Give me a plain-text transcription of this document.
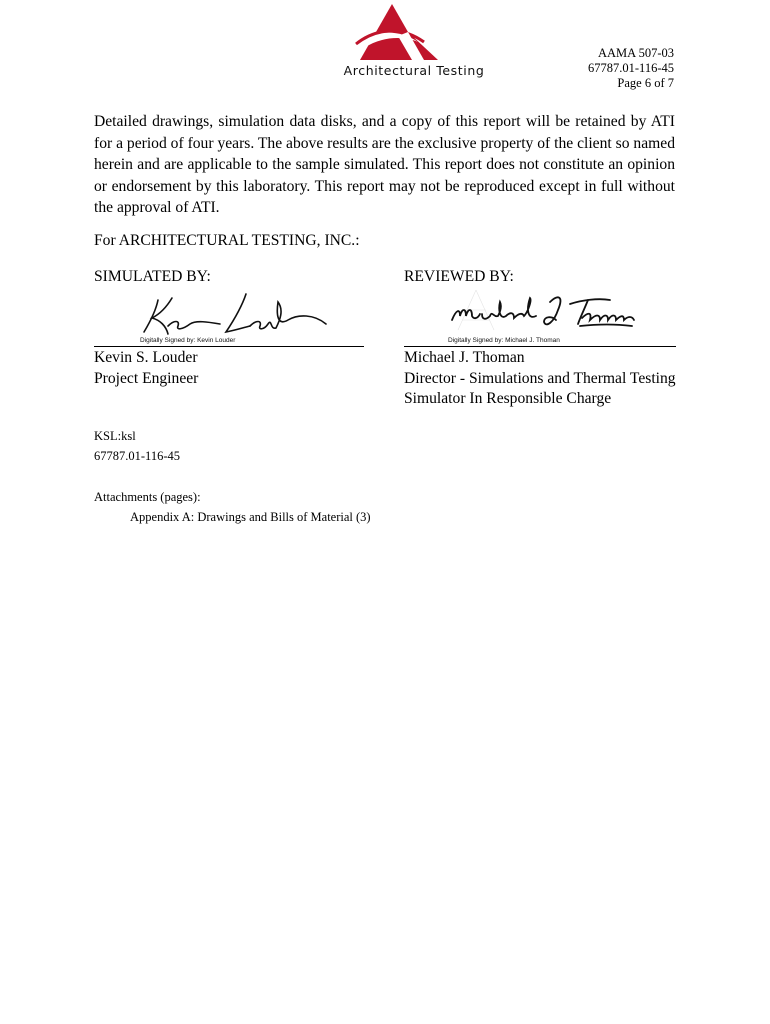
Architectural Testing
AAMA 507-03
67787.01-116-45
Page 6 of 7
Detailed drawings, simulation data disks, and a copy of this report will be retained by ATI for a period of four years. The above results are the exclusive property of the client so named herein and are applicable to the sample simulated. This report does not constitute an opinion or endorsement by this laboratory. This report may not be reproduced except in full without the approval of ATI.
For ARCHITECTURAL TESTING, INC.:
SIMULATED BY:	REVIEWED BY:
Digitally Signed by: Kevin Louder	Digitally Signed by: Michael J. Thoman
Kevin S. Louder
Project Engineer
Michael J. Thoman
Director - Simulations and Thermal Testing
Simulator In Responsible Charge
KSL:ksl
67787.01-116-45
Attachments (pages):
Appendix A: Drawings and Bills of Material (3)
